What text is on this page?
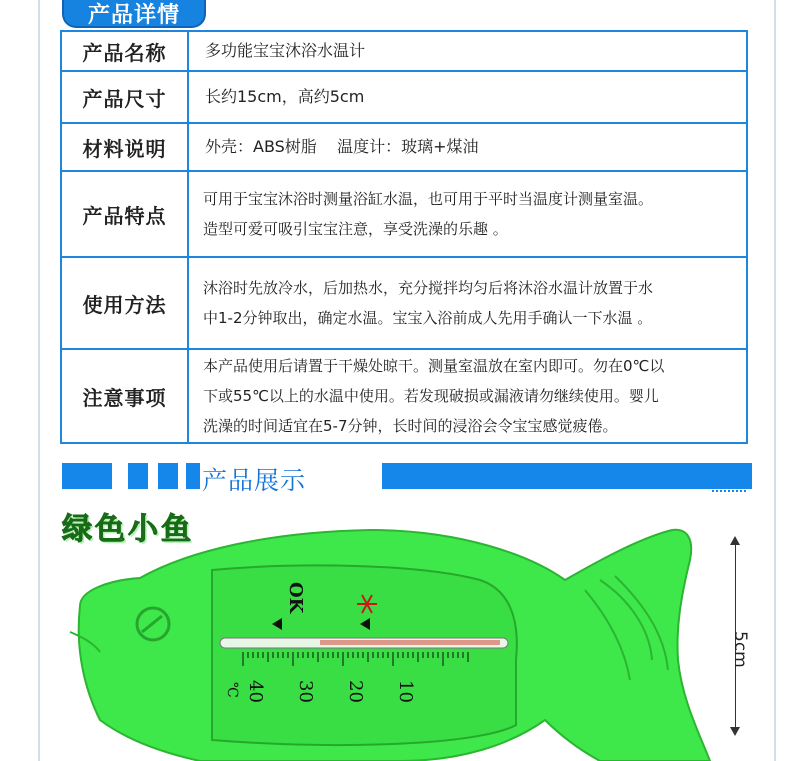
产品详情
产品名称	多功能宝宝沐浴水温计
产品尺寸	长约15cm，高约5cm
材料说明	外壳：ABS树脂    温度计：玻璃+煤油
产品特点	可用于宝宝沐浴时测量浴缸水温，也可用于平时当温度计测量室温。
造型可爱可吸引宝宝注意，享受洗澡的乐趣 。

使用方法	沐浴时先放冷水，后加热水，充分搅拌均匀后将沐浴水温计放置于水
中1-2分钟取出，确定水温。宝宝入浴前成人先用手确认一下水温 。

注意事项	本产品使用后请置于干燥处晾干。测量室温放在室内即可。勿在0℃以
下或55℃以上的水温中使用。若发现破损或漏液请勿继续使用。婴儿
洗澡的时间适宜在5-7分钟，长时间的浸浴会令宝宝感觉疲倦。
产品展示
OK
℃ 40 30 20 10
绿色小鱼
5cm
